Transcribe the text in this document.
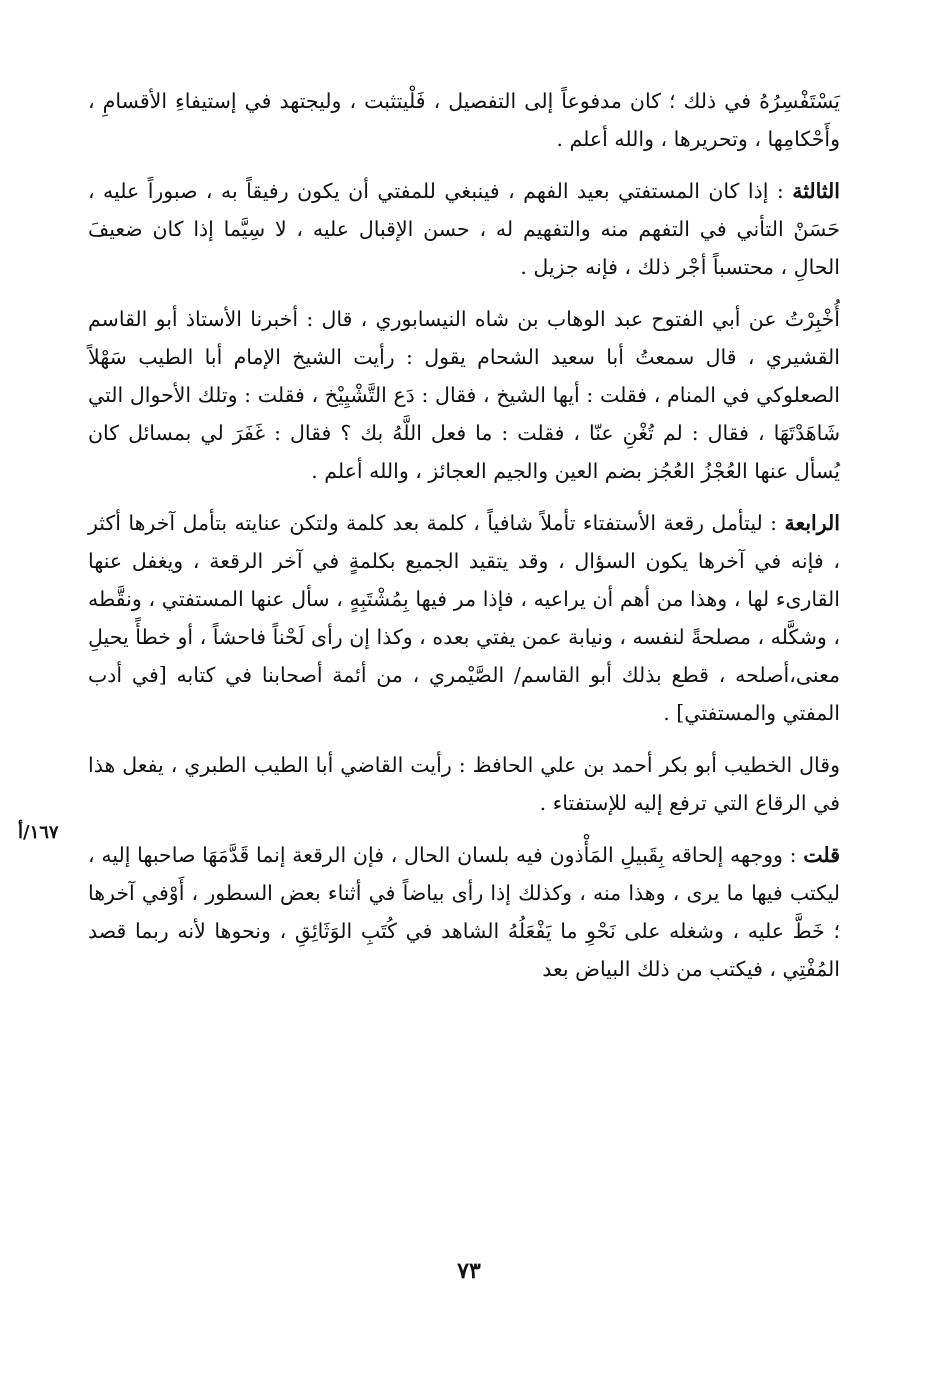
يَسْتَفْسِرُهُ في ذلك ؛ كان مدفوعاً إلى التفصيل ، فَلْيتثبت ، وليجتهد في إستيفاءِ الأقسامِ ، وأَحْكامِها ، وتحريرها ، والله أعلم .

الثالثة : إذا كان المستفتي بعيد الفهم ، فينبغي للمفتي أن يكون رفيقاً به ، صبوراً عليه ، حَسَنْ التأني في التفهم منه والتفهيم له ، حسن الإقبال عليه ، لا سِيَّما إذا كان ضعيفَ الحالِ ، محتسباً أجْر ذلك ، فإنه جزيل .

أُخْبِرْتُ عن أبي الفتوح عبد الوهاب بن شاه النيسابوري ، قال : أخبرنا الأستاذ أبو القاسم القشيري ، قال سمعتُ أبا سعيد الشحام يقول : رأيت الشيخ الإمام أبا الطيب سَهْلاً الصعلوكي في المنام ، فقلت : أيها الشيخ ، فقال : دَع التَّشْيِيْخ ، فقلت : وتلك الأحوال التي شَاهَدْتَهَا ، فقال : لم تُغْنِ عنّا ، فقلت : ما فعل اللَّهُ بك ؟ فقال : غَفَرَ لي بمسائل كان يُسأل عنها العُجْزُ العُجُز بضم العين والجيم العجائز ، والله أعلم .

الرابعة : ليتأمل رقعة الأستفتاء تأملاً شافياً ، كلمة بعد كلمة ولتكن عنايته بتأمل آخرها أكثر ، فإنه في آخرها يكون السؤال ، وقد يتقيد الجميع بكلمةٍ في آخر الرقعة ، ويغفل عنها القارىء لها ، وهذا من أهم أن يراعيه ، فإذا مر فيها بِمُشْتَبِهٍ ، سأل عنها المستفتي ، ونقَّطه ، وشكَّله ، مصلحةً لنفسه ، ونيابة عمن يفتي بعده ، وكذا إن رأى لَحْناً فاحشاً ، أو خطأً يحيلِ معنى،أصلحه ، قطع بذلك أبو القاسم/ الصَّيْمري ، من أئمة أصحابنا في كتابه [في أدب المفتي والمستفتي] .

وقال الخطيب أبو بكر أحمد بن علي الحافظ : رأيت القاضي أبا الطيب الطبري ، يفعل هذا في الرقاع التي ترفع إليه للإستفتاء .

قلت : ووجهه إلحاقه بِقَبيلِ المَأْذون فيه بلسان الحال ، فإن الرقعة إنما قَدَّمَهَا صاحبها إليه ، ليكتب فيها ما يرى ، وهذا منه ، وكذلك إذا رأى بياضاً في أثناء بعض السطور ، أَوْفي آخرها ؛ خَطَّ عليه ، وشغله على نَحْوِ ما يَفْعَلُهُ الشاهد في كُتَبِ الوَثَائِقِ ، ونحوها لأنه ربما قصد المُفْتِي ، فيكتب من ذلك البياض بعد

١٦٧/أ
٧٣
